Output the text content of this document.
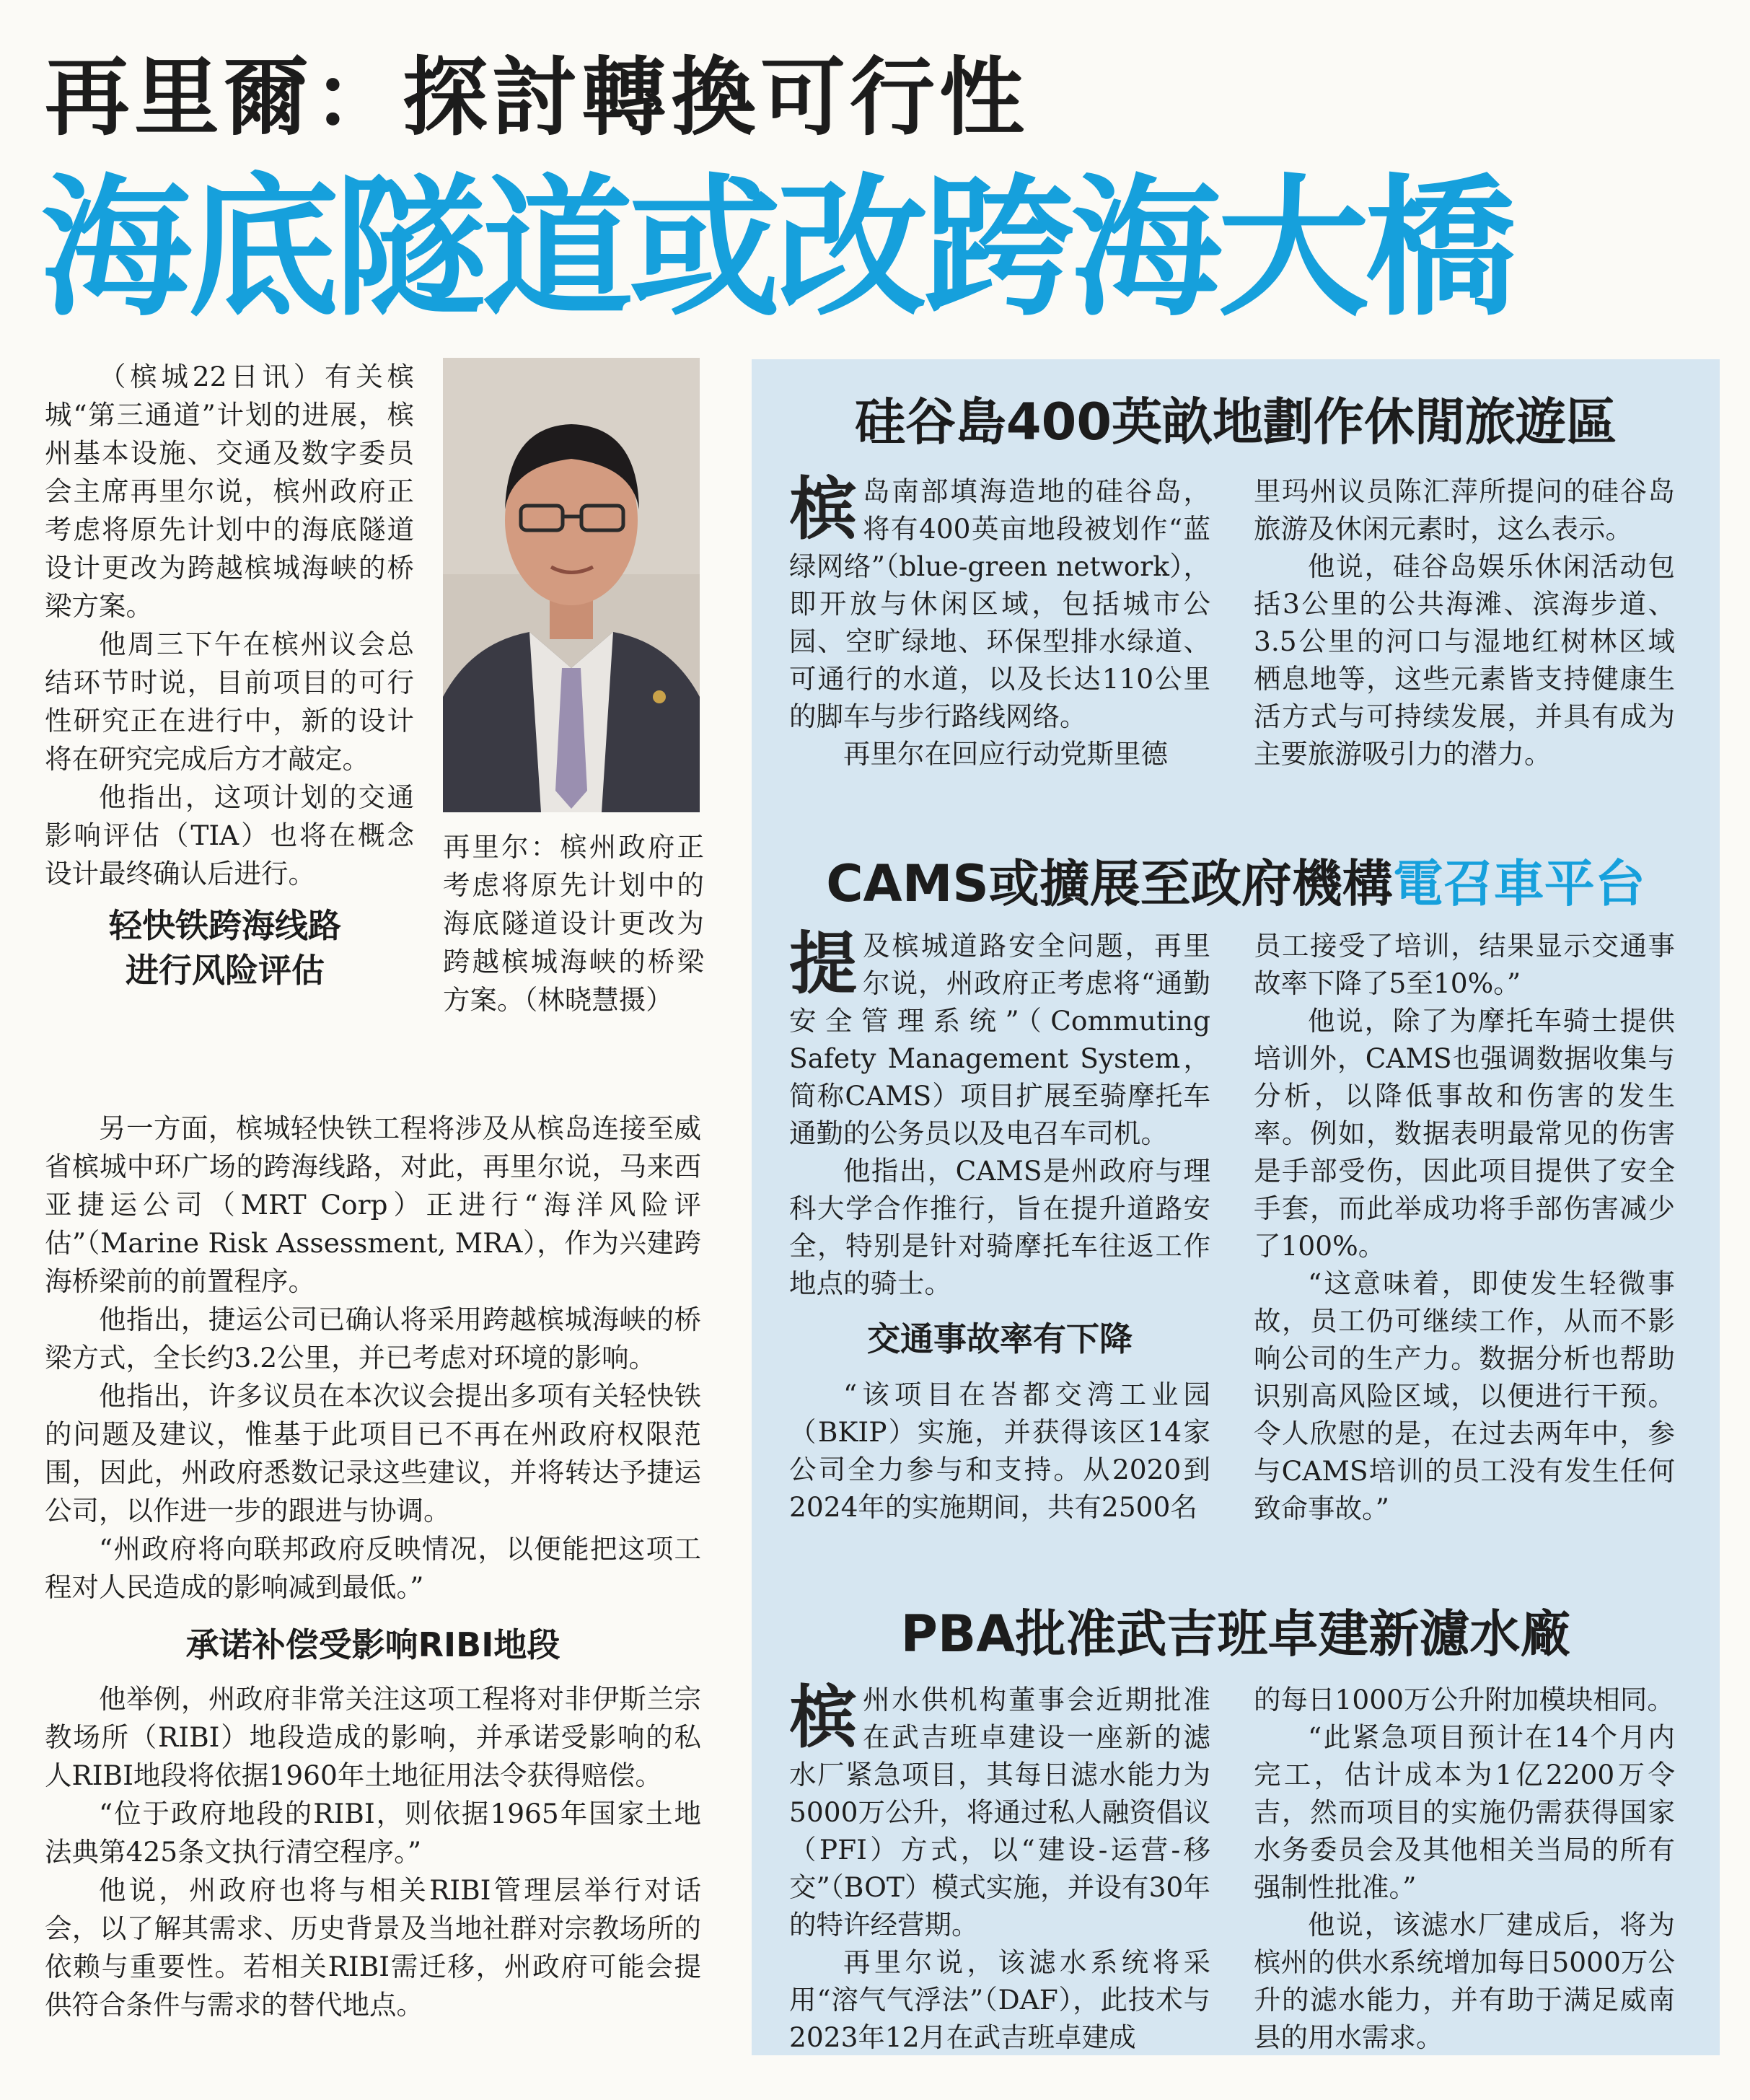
再里爾：探討轉換可行性
海底隧道或改跨海大橋

（槟城22日讯）有关槟城“第三通道”计划的进展，槟州基本设施、交通及数字委员会主席再里尔说，槟州政府正考虑将原先计划中的海底隧道设计更改为跨越槟城海峡的桥梁方案。

他周三下午在槟州议会总结环节时说，目前项目的可行性研究正在进行中，新的设计将在研究完成后方才敲定。

他指出，这项计划的交通影响评估（TIA）也将在概念设计最终确认后进行。

轻快铁跨海线路
进行风险评估
再里尔：槟州政府正考虑将原先计划中的海底隧道设计更改为跨越槟城海峡的桥梁方案。（林晓慧摄）

另一方面，槟城轻快铁工程将涉及从槟岛连接至威省槟城中环广场的跨海线路，对此，再里尔说，马来西亚捷运公司（MRT Corp）正进行“海洋风险评估”（Marine Risk Assessment, MRA），作为兴建跨海桥梁前的前置程序。

他指出，捷运公司已确认将采用跨越槟城海峡的桥梁方式，全长约3.2公里，并已考虑对环境的影响。

他指出，许多议员在本次议会提出多项有关轻快铁的问题及建议，惟基于此项目已不再在州政府权限范围，因此，州政府悉数记录这些建议，并将转达予捷运公司，以作进一步的跟进与协调。

“州政府将向联邦政府反映情况，以便能把这项工程对人民造成的影响减到最低。”

承诺补偿受影响RIBI地段

他举例，州政府非常关注这项工程将对非伊斯兰宗教场所（RIBI）地段造成的影响，并承诺受影响的私人RIBI地段将依据1960年土地征用法令获得赔偿。

“位于政府地段的RIBI，则依据1965年国家土地法典第425条文执行清空程序。”

他说，州政府也将与相关RIBI管理层举行对话会，以了解其需求、历史背景及当地社群对宗教场所的依赖与重要性。若相关RIBI需迁移，州政府可能会提供符合条件与需求的替代地点。

硅谷島400英畝地劃作休閒旅遊區
槟 岛南部填海造地的硅谷岛，将有400英亩地段被划作“蓝绿网络”（blue-green network），即开放与休闲区域，包括城市公园、空旷绿地、环保型排水绿道、可通行的水道，以及长达110公里的脚车与步行路线网络。

再里尔在回应行动党斯里德

里玛州议员陈汇萍所提问的硅谷岛旅游及休闲元素时，这么表示。

他说，硅谷岛娱乐休闲活动包括3公里的公共海滩、滨海步道、3.5公里的河口与湿地红树林区域栖息地等，这些元素皆支持健康生活方式与可持续发展，并具有成为主要旅游吸引力的潜力。

CAMS或擴展至政府機構電召車平台
提 及槟城道路安全问题，再里尔说，州政府正考虑将“通勤安全管理系统”（Commuting Safety Management System，简称CAMS）项目扩展至骑摩托车通勤的公务员以及电召车司机。

他指出，CAMS是州政府与理科大学合作推行，旨在提升道路安全，特别是针对骑摩托车往返工作地点的骑士。

交通事故率有下降

“该项目在峇都交湾工业园（BKIP）实施，并获得该区14家公司全力参与和支持。从2020到2024年的实施期间，共有2500名

员工接受了培训，结果显示交通事故率下降了5至10%。”

他说，除了为摩托车骑士提供培训外，CAMS也强调数据收集与分析，以降低事故和伤害的发生率。例如，数据表明最常见的伤害是手部受伤，因此项目提供了安全手套，而此举成功将手部伤害减少了100%。

“这意味着，即使发生轻微事故，员工仍可继续工作，从而不影响公司的生产力。数据分析也帮助识别高风险区域，以便进行干预。令人欣慰的是，在过去两年中，参与CAMS培训的员工没有发生任何致命事故。”

PBA批准武吉班卓建新濾水廠
槟 州水供机构董事会近期批准在武吉班卓建设一座新的滤水厂紧急项目，其每日滤水能力为5000万公升，将通过私人融资倡议（PFI）方式，以“建设-运营-移交”（BOT）模式实施，并设有30年的特许经营期。

再里尔说，该滤水系统将采用“溶气气浮法”（DAF），此技术与2023年12月在武吉班卓建成

的每日1000万公升附加模块相同。

“此紧急项目预计在14个月内完工，估计成本为1亿2200万令吉，然而项目的实施仍需获得国家水务委员会及其他相关当局的所有强制性批准。”

他说，该滤水厂建成后，将为槟州的供水系统增加每日5000万公升的滤水能力，并有助于满足威南县的用水需求。
